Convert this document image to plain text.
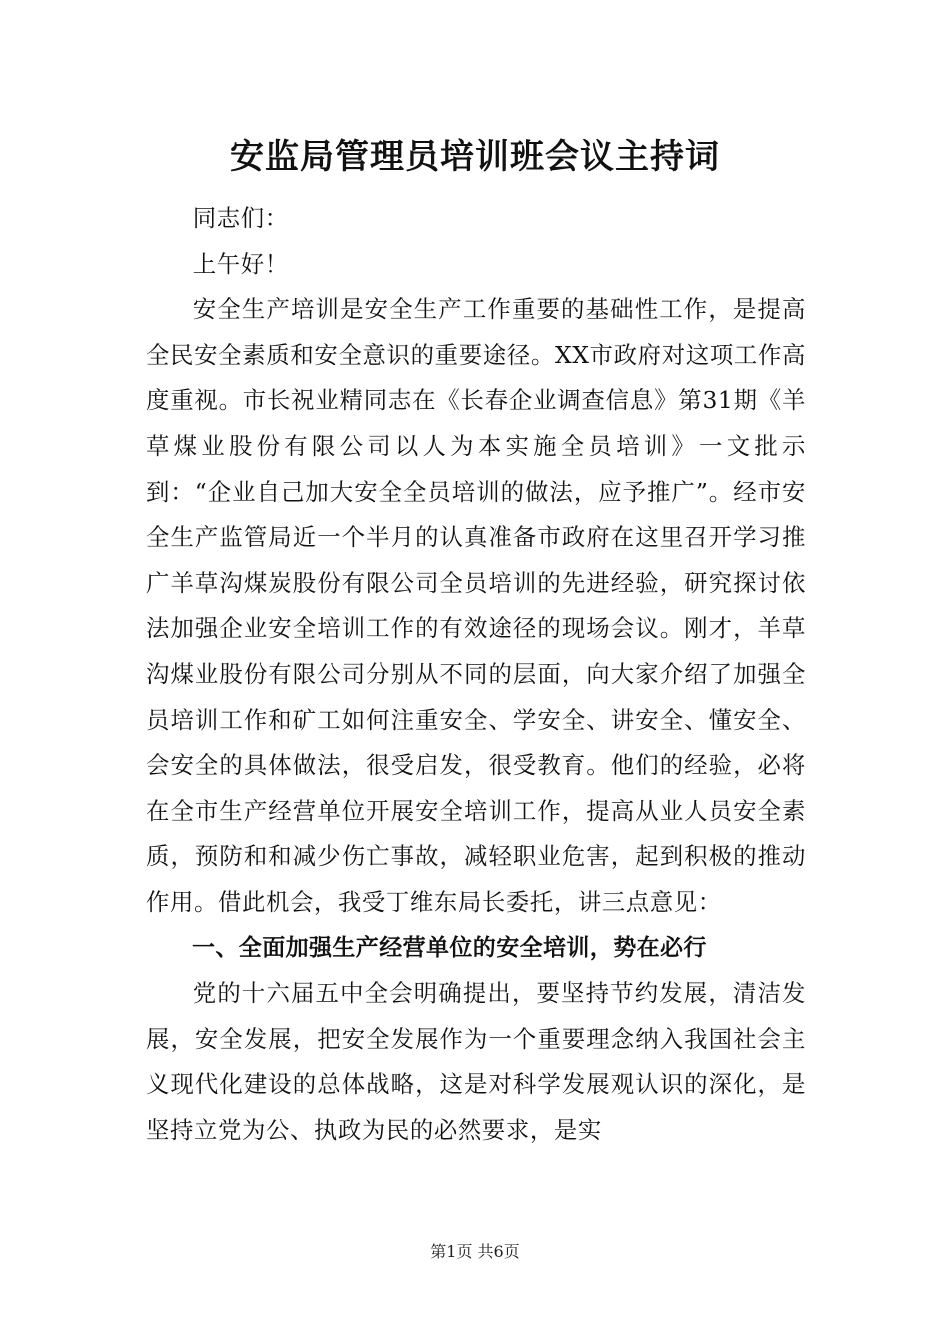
安监局管理员培训班会议主持词

同志们：

上午好！

安全生产培训是安全生产工作重要的基础性工作，是提高全民安全素质和安全意识的重要途径。XX市政府对这项工作高度重视。市长祝业精同志在《长春企业调查信息》第31期《羊草煤业股份有限公司以人为本实施全员培训》一文批示到：“企业自己加大安全全员培训的做法，应予推广”。经市安全生产监管局近一个半月的认真准备市政府在这里召开学习推广羊草沟煤炭股份有限公司全员培训的先进经验，研究探讨依法加强企业安全培训工作的有效途径的现场会议。刚才，羊草沟煤业股份有限公司分别从不同的层面，向大家介绍了加强全员培训工作和矿工如何注重安全、学安全、讲安全、懂安全、会安全的具体做法，很受启发，很受教育。他们的经验，必将在全市生产经营单位开展安全培训工作，提高从业人员安全素质，预防和和减少伤亡事故，减轻职业危害，起到积极的推动作用。借此机会，我受丁维东局长委托，讲三点意见：

一、全面加强生产经营单位的安全培训，势在必行

党的十六届五中全会明确提出，要坚持节约发展，清洁发展，安全发展，把安全发展作为一个重要理念纳入我国社会主义现代化建设的总体战略，这是对科学发展观认识的深化，是坚持立党为公、执政为民的必然要求，是实

第1页 共6页
